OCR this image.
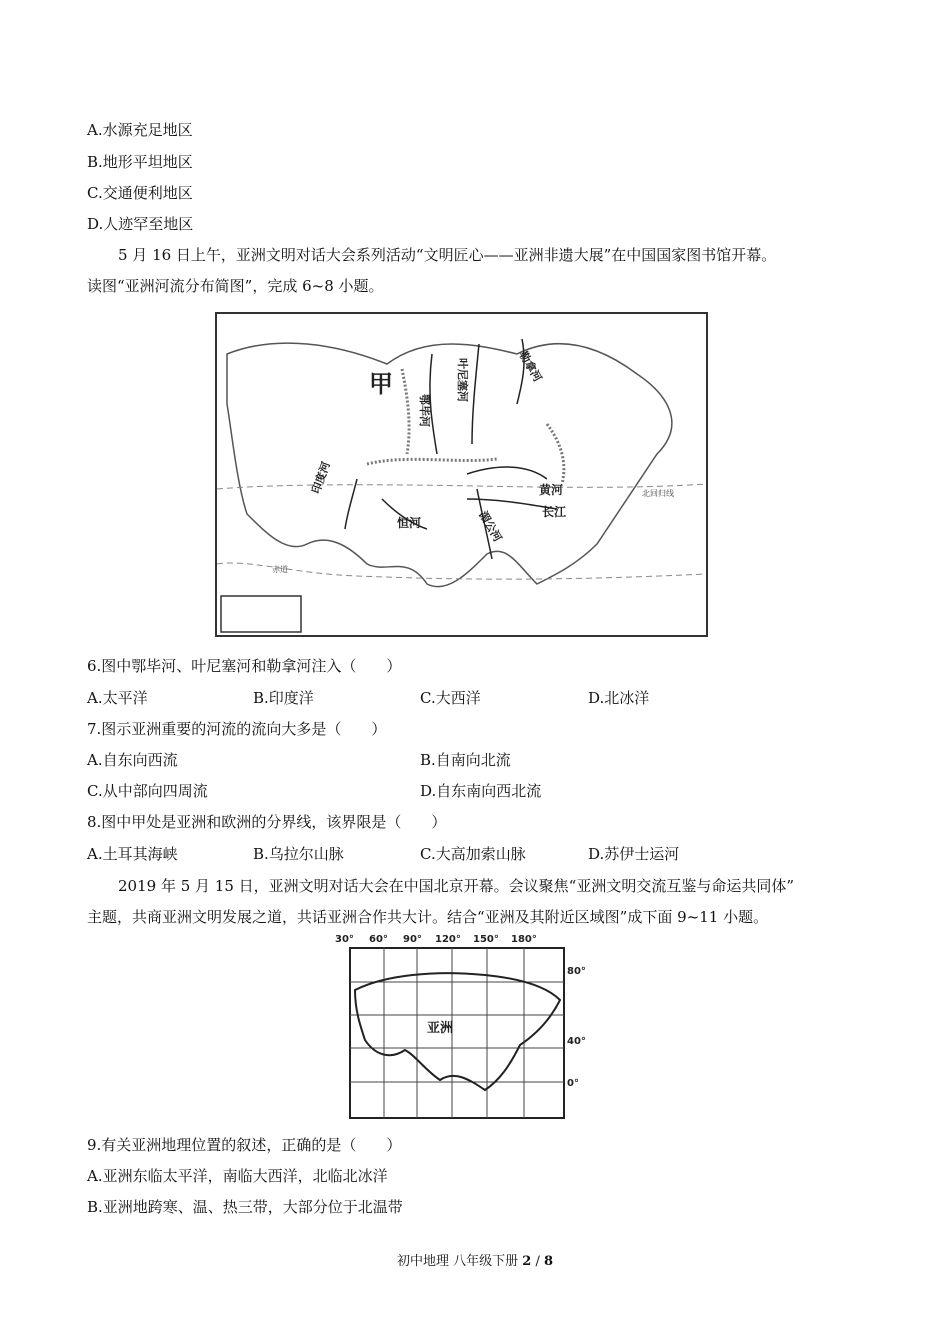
A.水源充足地区
B.地形平坦地区
C.交通便利地区
D.人迹罕至地区
5 月 16 日上午，亚洲文明对话大会系列活动“文明匠心——亚洲非遗大展”在中国国家图书馆开幕。
读图“亚洲河流分布简图”，完成 6~8 小题。
甲	叶尼塞河	勒拿河
鄂毕河
印度河
恒河	湄公河
黄河
长江
北回归线
赤道
6.图中鄂毕河、叶尼塞河和勒拿河注入（　　）
A.太平洋	B.印度洋	C.大西洋	D.北冰洋
7.图示亚洲重要的河流的流向大多是（　　）
A.自东向西流	B.自南向北流
C.从中部向四周流	D.自东南向西北流
8.图中甲处是亚洲和欧洲的分界线，该界限是（　　）
A.土耳其海峡	B.乌拉尔山脉	C.大高加索山脉	D.苏伊士运河
2019 年 5 月 15 日，亚洲文明对话大会在中国北京开幕。会议聚焦“亚洲文明交流互鉴与命运共同体”
主题，共商亚洲文明发展之道，共话亚洲合作共大计。结合“亚洲及其附近区域图”成下面 9~11 小题。
30° 60° 90° 120° 150° 180°
亚洲
80°
40°
0°
9.有关亚洲地理位置的叙述，正确的是（　　）
A.亚洲东临太平洋，南临大西洋，北临北冰洋
B.亚洲地跨寒、温、热三带，大部分位于北温带
初中地理 八年级下册 2 / 8
